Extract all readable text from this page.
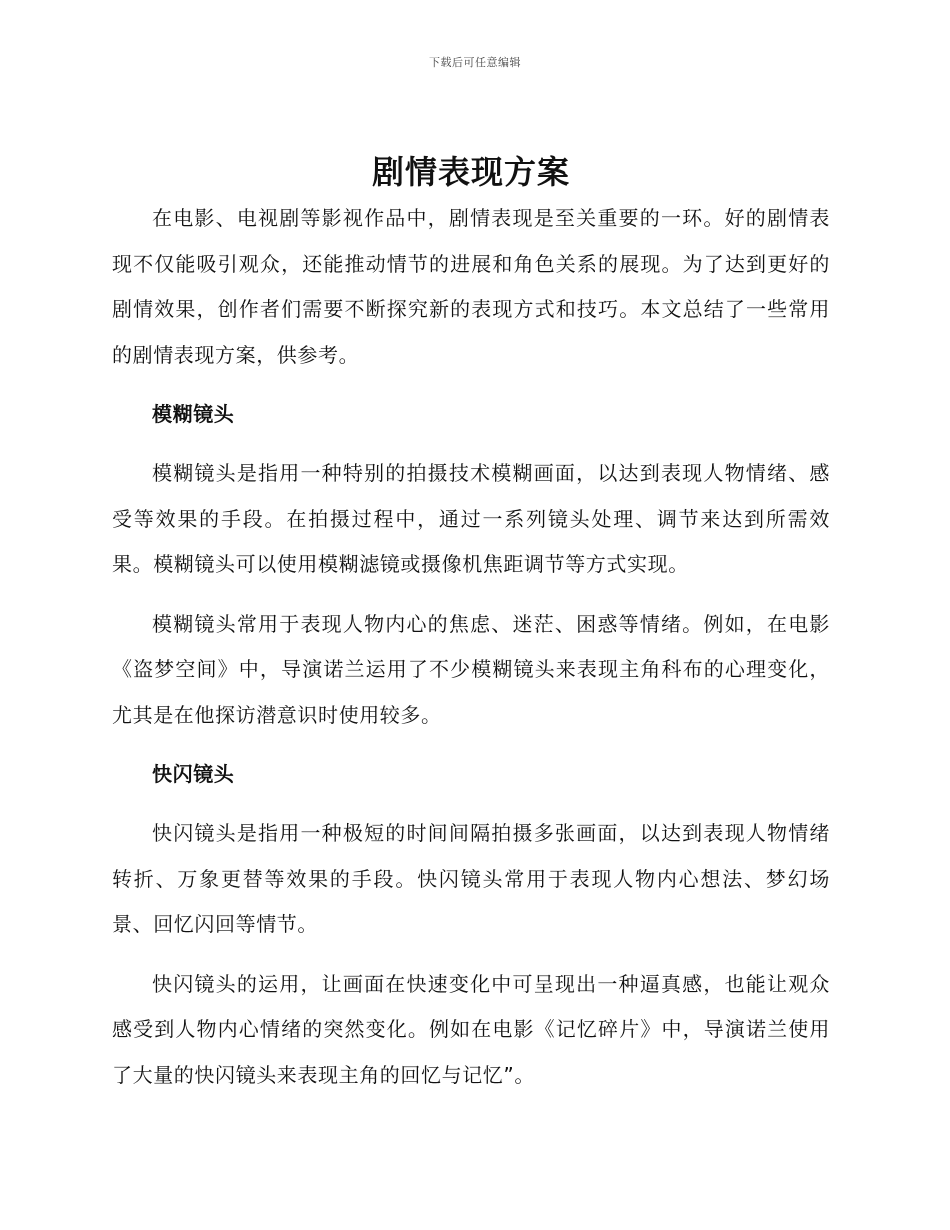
下载后可任意编辑
剧情表现方案

在电影、电视剧等影视作品中，剧情表现是至关重要的一环。好的剧情表现不仅能吸引观众，还能推动情节的进展和角色关系的展现。为了达到更好的剧情效果，创作者们需要不断探究新的表现方式和技巧。本文总结了一些常用的剧情表现方案，供参考。

模糊镜头

模糊镜头是指用一种特别的拍摄技术模糊画面，以达到表现人物情绪、感受等效果的手段。在拍摄过程中，通过一系列镜头处理、调节来达到所需效果。模糊镜头可以使用模糊滤镜或摄像机焦距调节等方式实现。

模糊镜头常用于表现人物内心的焦虑、迷茫、困惑等情绪。例如，在电影《盗梦空间》中，导演诺兰运用了不少模糊镜头来表现主角科布的心理变化，尤其是在他探访潜意识时使用较多。

快闪镜头

快闪镜头是指用一种极短的时间间隔拍摄多张画面，以达到表现人物情绪转折、万象更替等效果的手段。快闪镜头常用于表现人物内心想法、梦幻场景、回忆闪回等情节。

快闪镜头的运用，让画面在快速变化中可呈现出一种逼真感，也能让观众感受到人物内心情绪的突然变化。例如在电影《记忆碎片》中，导演诺兰使用了大量的快闪镜头来表现主角的回忆与记忆”。
